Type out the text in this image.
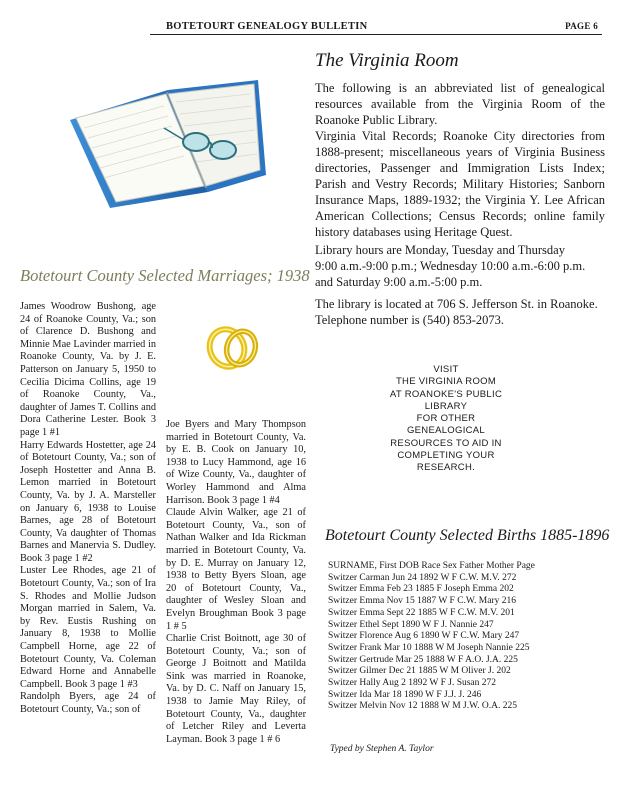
BOTETOURT GENEALOGY BULLETIN	PAGE 6
The Virginia Room

The following is an abbreviated list of genealogical resources available from the Virginia Room of the Roanoke Public Library.

Virginia Vital Records; Roanoke City directories from 1888-present; miscellaneous years of Virginia Business directories, Passenger and Immigration Lists Index; Parish and Vestry Records; Military Histories; Sanborn Insurance Maps, 1889-1932; the Virginia Y. Lee African American Collections; Census Records; online family history databases using Heritage Quest.

Library hours are Monday, Tuesday and Thursday

9:00 a.m.-9:00 p.m.; Wednesday 10:00 a.m.-6:00 p.m.

and Saturday 9:00 a.m.-5:00 p.m.

The library is located at 706 S. Jefferson St. in Roanoke. Telephone number is (540) 853-2073.
VISIT
THE VIRGINIA ROOM
AT ROANOKE'S PUBLIC
LIBRARY
FOR OTHER
GENEALOGICAL
RESOURCES TO AID IN
COMPLETING YOUR
RESEARCH.
Botetourt County Selected Marriages; 1938
James Woodrow Bushong, age 24 of Roanoke County, Va.; son of Clarence D. Bushong and Minnie Mae Lavinder married in Roanoke County, Va. by J. E. Patterson on January 5, 1950 to Cecilia Dicima Collins, age 19 of Roanoke County, Va., daughter of James T. Collins and Dora Catherine Lester. Book 3 page 1 #1
Harry Edwards Hostetter, age 24 of Botetourt County, Va.; son of Joseph Hostetter and Anna B. Lemon married in Botetourt County, Va. by J. A. Marsteller on January 6, 1938 to Louise Barnes, age 28 of Botetourt County, Va daughter of Thomas Barnes and Manervia S. Dudley. Book 3 page 1 #2
Luster Lee Rhodes, age 21 of Botetourt County, Va.; son of Ira S. Rhodes and Mollie Judson Morgan married in Salem, Va. by Rev. Eustis Rushing on January 8, 1938 to Mollie Campbell Horne, age 22 of Botetourt County, Va. Coleman Edward Horne and Annabelle Campbell. Book 3 page 1 #3
Randolph Byers, age 24 of Botetourt County, Va.; son of
Joe Byers and Mary Thompson married in Botetourt County, Va. by E. B. Cook on January 10, 1938 to Lucy Hammond, age 16 of Wize County, Va., daughter of Worley Hammond and Alma Harrison. Book 3 page 1 #4
Claude Alvin Walker, age 21 of Botetourt County, Va., son of Nathan Walker and Ida Rickman married in Botetourt County, Va. by D. E. Murray on January 12, 1938 to Betty Byers Sloan, age 20 of Botetourt County, Va., daughter of Wesley Sloan and Evelyn Broughman Book 3 page 1 # 5
Charlie Crist Boitnott, age 30 of Botetourt County, Va.; son of George J Boitnott and Matilda Sink was married in Roanoke, Va. by D. C. Naff on January 15, 1938 to Jamie May Riley, of Botetourt County, Va., daughter of Letcher Riley and Leverta Layman. Book 3 page 1 # 6
Botetourt County Selected Births 1885-1896
SURNAME, First DOB Race Sex Father Mother Page
Switzer Carman Jun 24 1892 W F C.W. M.V. 272
Switzer Emma Feb 23 1885 F Joseph Emma 202
Switzer Emma Nov 15 1887 W F C.W. Mary 216
Switzer Emma Sept 22 1885 W F C.W. M.V. 201
Switzer Ethel Sept 1890 W F J. Nannie 247
Switzer Florence Aug 6 1890 W F C.W. Mary 247
Switzer Frank Mar 10 1888 W M Joseph Nannie 225
Switzer Gertrude Mar 25 1888 W F A.O. J.A. 225
Switzer Gilmer Dec 21 1885 W M Oliver J. 202
Switzer Hally Aug 2 1892 W F J. Susan 272
Switzer Ida Mar 18 1890 W F J.J. J. 246
Switzer Melvin Nov 12 1888 W M J.W. O.A. 225
Typed by Stephen A. Taylor
